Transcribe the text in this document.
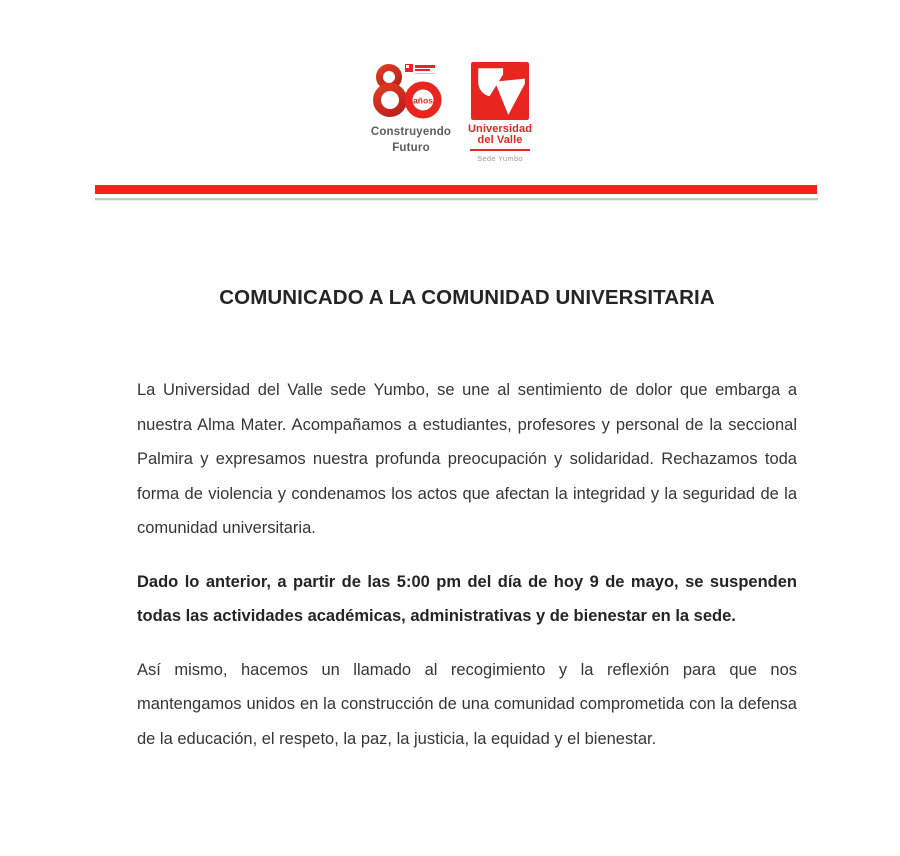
años
Construyendo
Futuro
Universidad
del Valle
Sede Yumbo
COMUNICADO A LA COMUNIDAD UNIVERSITARIA

La Universidad del Valle sede Yumbo, se une al sentimiento de dolor que embarga a nuestra Alma Mater. Acompañamos a estudiantes, profesores y personal de la seccional Palmira y expresamos nuestra profunda preocupación y solidaridad. Rechazamos toda forma de violencia y condenamos los actos que afectan la integridad y la seguridad de la comunidad universitaria.

Dado lo anterior, a partir de las 5:00 pm del día de hoy 9 de mayo, se suspenden todas las actividades académicas, administrativas y de bienestar en la sede.

Así mismo, hacemos un llamado al recogimiento y la reflexión para que nos mantengamos unidos en la construcción de una comunidad comprometida con la defensa de la educación, el respeto, la paz, la justicia, la equidad y el bienestar.
